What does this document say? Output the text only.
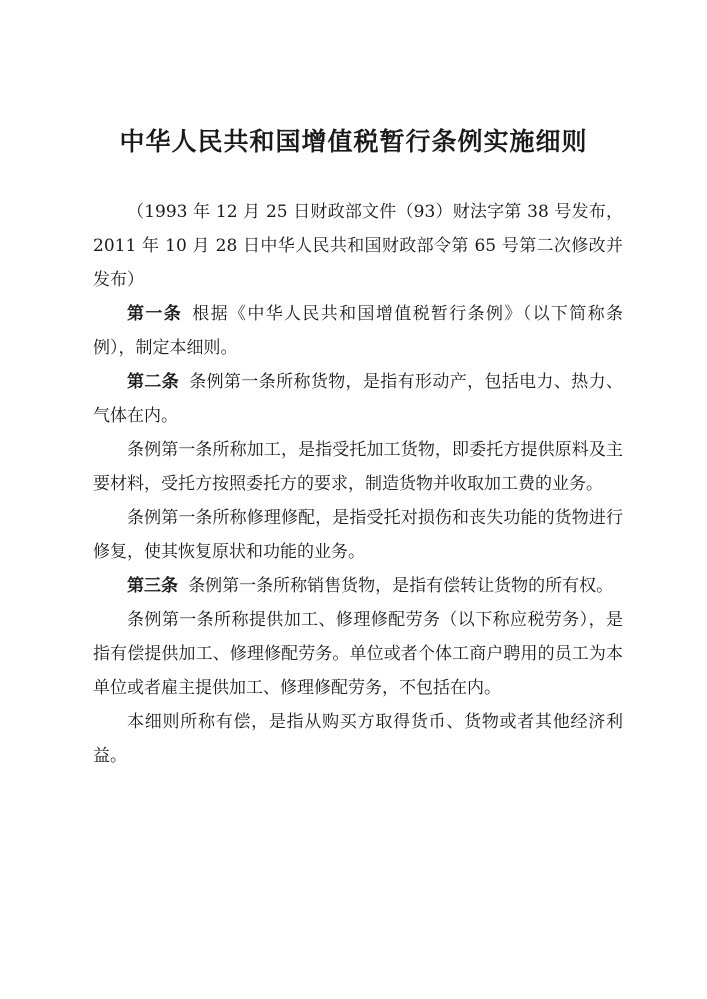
中华人民共和国增值税暂行条例实施细则

（1993 年 12 月 25 日财政部文件（93）财法字第 38 号发布，2011 年 10 月 28 日中华人民共和国财政部令第 65 号第二次修改并发布）

第一条 根据《中华人民共和国增值税暂行条例》（以下简称条例），制定本细则。

第二条 条例第一条所称货物，是指有形动产，包括电力、热力、气体在内。

条例第一条所称加工，是指受托加工货物，即委托方提供原料及主要材料，受托方按照委托方的要求，制造货物并收取加工费的业务。

条例第一条所称修理修配，是指受托对损伤和丧失功能的货物进行修复，使其恢复原状和功能的业务。

第三条 条例第一条所称销售货物，是指有偿转让货物的所有权。

条例第一条所称提供加工、修理修配劳务（以下称应税劳务），是指有偿提供加工、修理修配劳务。单位或者个体工商户聘用的员工为本单位或者雇主提供加工、修理修配劳务，不包括在内。

本细则所称有偿，是指从购买方取得货币、货物或者其他经济利益。
